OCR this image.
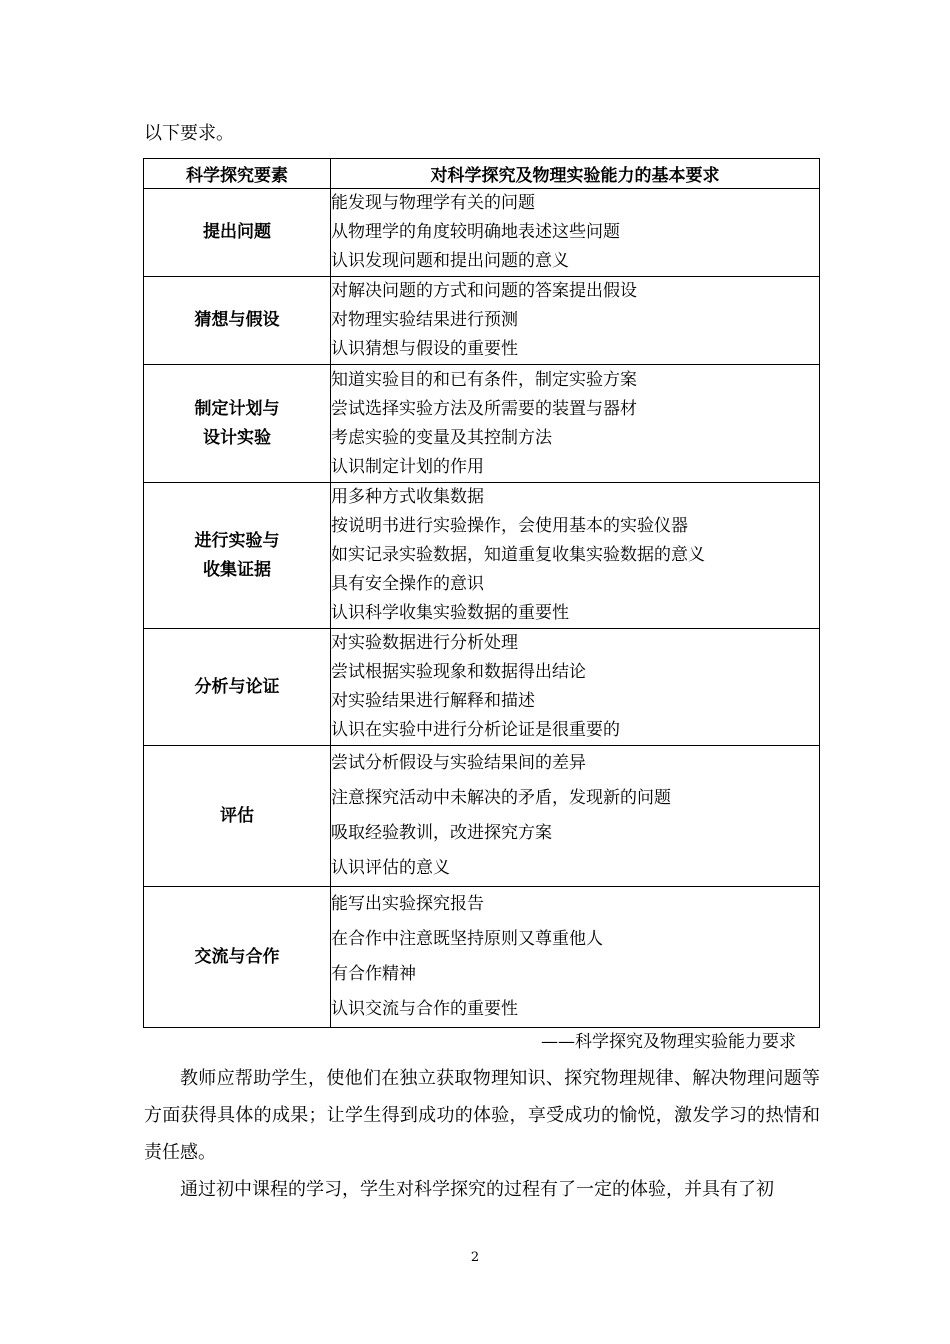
以下要求。
科学探究要素	对科学探究及物理实验能力的基本要求
提出问题	能发现与物理学有关的问题
从物理学的角度较明确地表述这些问题
认识发现问题和提出问题的意义

猜想与假设	对解决问题的方式和问题的答案提出假设
对物理实验结果进行预测
认识猜想与假设的重要性

制定计划与
设计实验	知道实验目的和已有条件，制定实验方案
尝试选择实验方法及所需要的装置与器材
考虑实验的变量及其控制方法
认识制定计划的作用

进行实验与
收集证据	用多种方式收集数据
按说明书进行实验操作，会使用基本的实验仪器
如实记录实验数据，知道重复收集实验数据的意义
具有安全操作的意识
认识科学收集实验数据的重要性

分析与论证	对实验数据进行分析处理
尝试根据实验现象和数据得出结论
对实验结果进行解释和描述
认识在实验中进行分析论证是很重要的

评估	尝试分析假设与实验结果间的差异
注意探究活动中未解决的矛盾，发现新的问题
吸取经验教训，改进探究方案
认识评估的意义

交流与合作	能写出实验探究报告
在合作中注意既坚持原则又尊重他人
有合作精神
认识交流与合作的重要性
——科学探究及物理实验能力要求

教师应帮助学生，使他们在独立获取物理知识、探究物理规律、解决物理问题等方面获得具体的成果；让学生得到成功的体验，享受成功的愉悦，激发学习的热情和责任感。

通过初中课程的学习，学生对科学探究的过程有了一定的体验，并具有了初

2
